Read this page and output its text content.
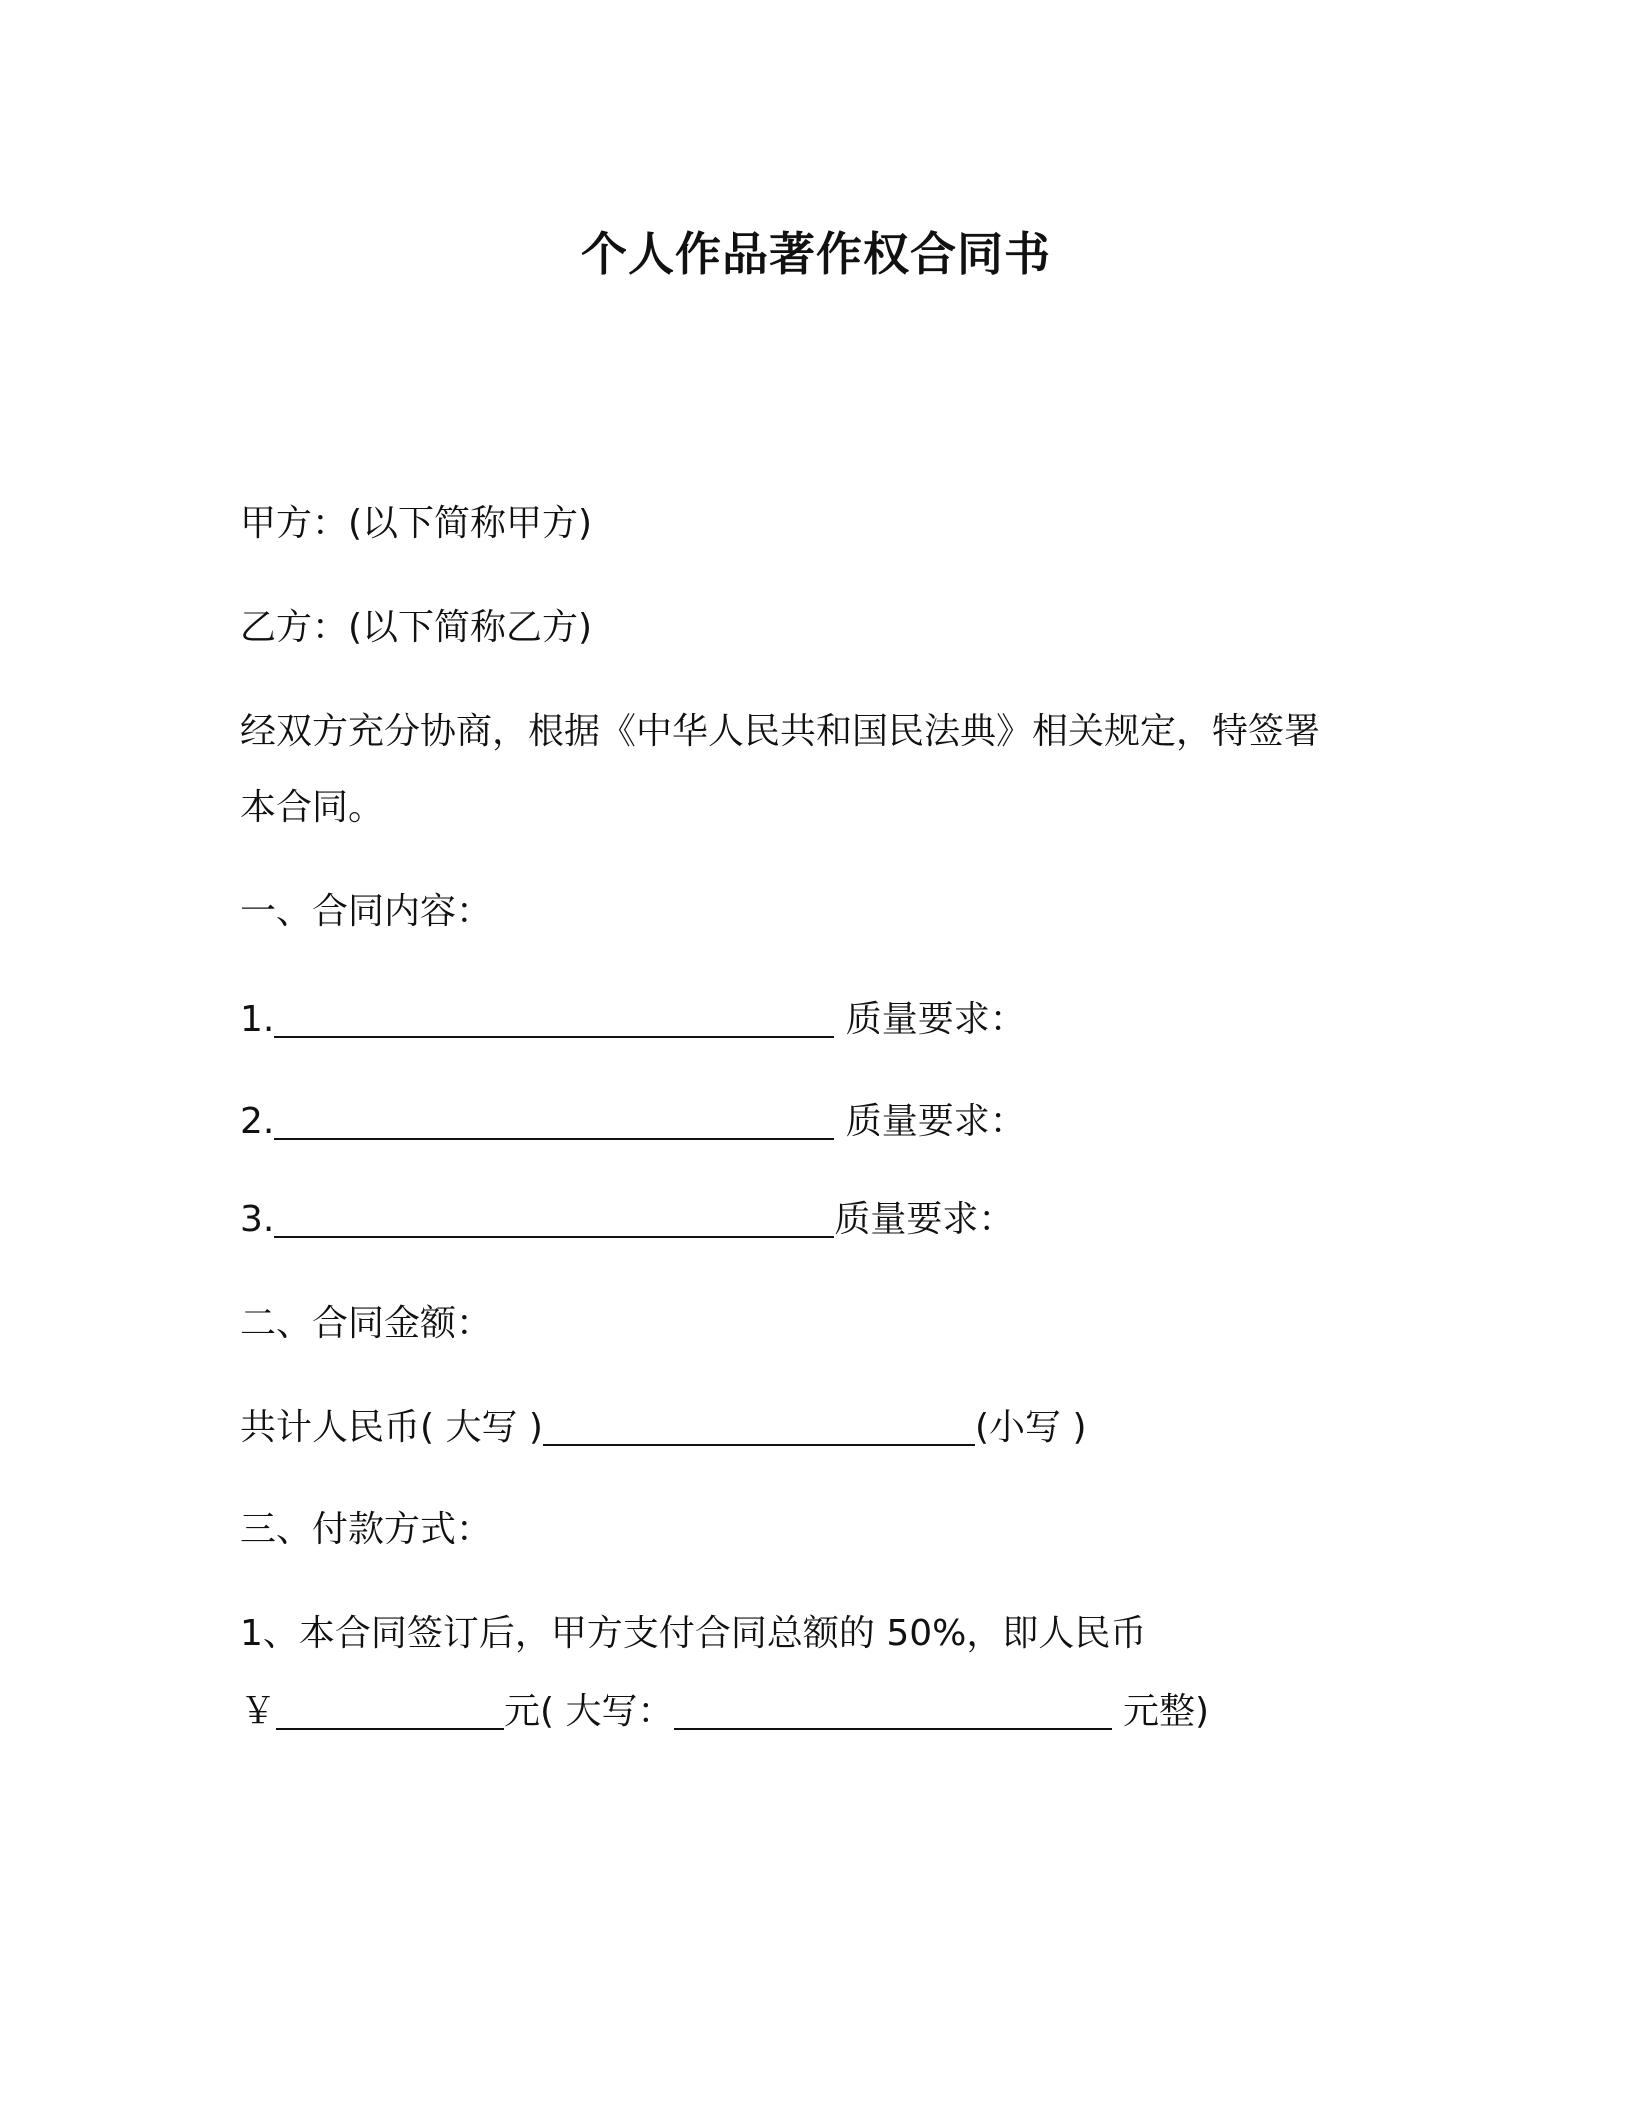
个人作品著作权合同书
甲方：(以下简称甲方)
乙方：(以下简称乙方)
经双方充分协商，根据《中华人民共和国民法典》相关规定，特签署
本合同。
一、合同内容：
1.	质量要求：
2.	质量要求：
3.	质量要求：
二、合同金额：
共计人民币( 大写 )	(小写 )
三、付款方式：
1、本合同签订后，甲方支付合同总额的 50%，即人民币
￥	元( 大写：	元整)
